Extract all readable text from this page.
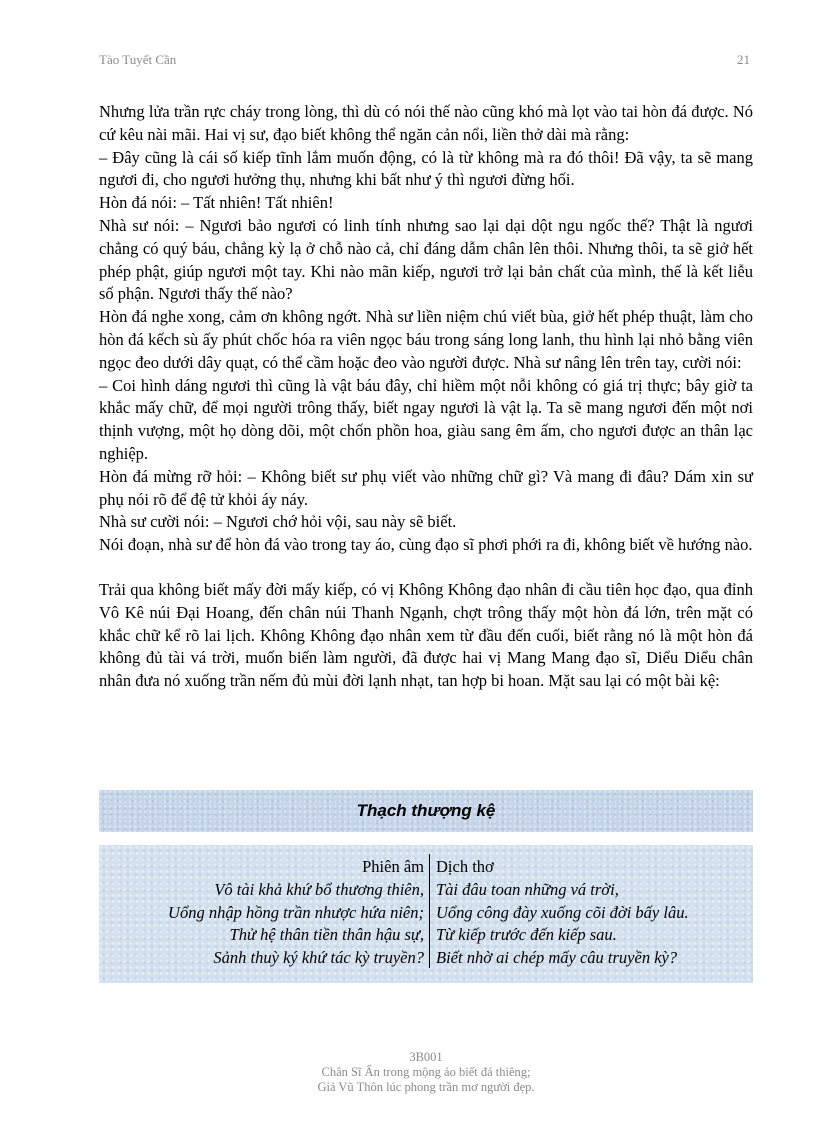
Tào Tuyết Cần	21

Nhưng lửa trần rực cháy trong lòng, thì dù có nói thế nào cũng khó mà lọt vào tai hòn đá được. Nó cứ kêu nài mãi. Hai vị sư, đạo biết không thể ngăn cản nổi, liền thở dài mà rằng:

– Đây cũng là cái số kiếp tĩnh lắm muốn động, có là từ không mà ra đó thôi! Đã vậy, ta sẽ mang ngươi đi, cho ngươi hưởng thụ, nhưng khi bất như ý thì ngươi đừng hối.

Hòn đá nói: – Tất nhiên! Tất nhiên!

Nhà sư nói: – Ngươi bảo ngươi có linh tính nhưng sao lại dại dột ngu ngốc thế? Thật là ngươi chẳng có quý báu, chẳng kỳ lạ ở chỗ nào cả, chỉ đáng dẫm chân lên thôi. Nhưng thôi, ta sẽ giở hết phép phật, giúp ngươi một tay. Khi nào mãn kiếp, ngươi trở lại bản chất của mình, thế là kết liễu số phận. Ngươi thấy thế nào?

Hòn đá nghe xong, cảm ơn không ngớt. Nhà sư liền niệm chú viết bùa, giở hết phép thuật, làm cho hòn đá kếch sù ấy phút chốc hóa ra viên ngọc báu trong sáng long lanh, thu hình lại nhỏ bằng viên ngọc đeo dưới dây quạt, có thể cầm hoặc đeo vào người được. Nhà sư nâng lên trên tay, cười nói:

– Coi hình dáng ngươi thì cũng là vật báu đây, chỉ hiềm một nỗi không có giá trị thực; bây giờ ta khắc mấy chữ, để mọi người trông thấy, biết ngay ngươi là vật lạ. Ta sẽ mang ngươi đến một nơi thịnh vượng, một họ dòng dõi, một chốn phồn hoa, giàu sang êm ấm, cho ngươi được an thân lạc nghiệp.

Hòn đá mừng rỡ hỏi: – Không biết sư phụ viết vào những chữ gì? Và mang đi đâu? Dám xin sư phụ nói rõ để đệ tử khỏi áy náy.

Nhà sư cười nói: – Ngươi chớ hỏi vội, sau này sẽ biết.

Nói đoạn, nhà sư để hòn đá vào trong tay áo, cùng đạo sĩ phơi phới ra đi, không biết về hướng nào.

Trải qua không biết mấy đời mấy kiếp, có vị Không Không đạo nhân đi cầu tiên học đạo, qua đỉnh Vô Kê núi Đại Hoang, đến chân núi Thanh Ngạnh, chợt trông thấy một hòn đá lớn, trên mặt có khắc chữ kể rõ lai lịch. Không Không đạo nhân xem từ đầu đến cuối, biết rằng nó là một hòn đá không đủ tài vá trời, muốn biến làm người, đã được hai vị Mang Mang đạo sĩ, Diểu Diểu chân nhân đưa nó xuống trần nếm đủ mùi đời lạnh nhạt, tan hợp bi hoan. Mặt sau lại có một bài kệ:

Thạch thượng kệ
Phiên âm
Vô tài khả khứ bổ thương thiên,
Uổng nhập hồng trần nhược hứa niên;
Thử hệ thân tiền thân hậu sự,
Sảnh thuỳ ký khứ tác kỳ truyền?
Dịch thơ
Tài đâu toan những vá trời,
Uổng công đày xuống cõi đời bấy lâu.
Từ kiếp trước đến kiếp sau.
Biết nhờ ai chép mấy câu truyền kỳ?
3B001
Chân Sĩ Ẩn trong mộng ảo biết đá thiêng;
Giả Vũ Thôn lúc phong trần mơ người đẹp.
